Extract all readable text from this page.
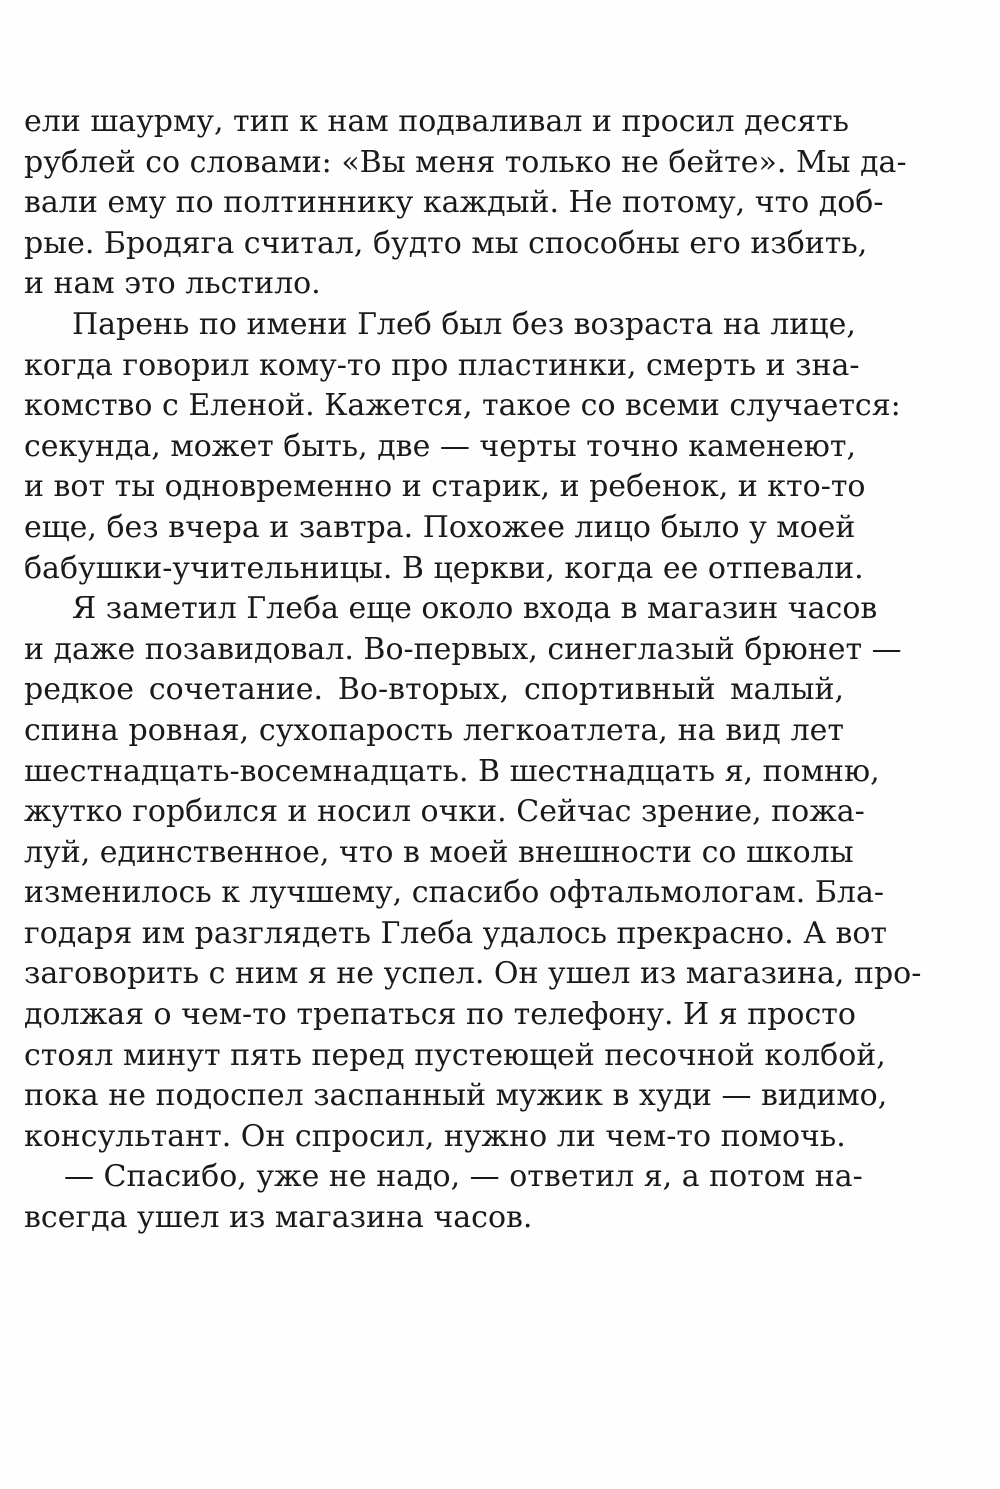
ели шаурму, тип к нам подваливал и просил десять
рублей со словами: «Вы меня только не бейте». Мы да-
вали ему по полтиннику каждый. Не потому, что доб-
рые. Бродяга считал, будто мы способны его избить,
и нам это льстило.
Парень по имени Глеб был без возраста на лице,
когда говорил кому-то про пластинки, смерть и зна-
комство с Еленой. Кажется, такое со всеми случается:
секунда, может быть, две — черты точно каменеют,
и вот ты одновременно и старик, и ребенок, и кто-то
еще, без вчера и завтра. Похожее лицо было у моей
бабушки-учительницы. В церкви, когда ее отпевали.
Я заметил Глеба еще около входа в магазин часов
и даже позавидовал. Во-первых, синеглазый брюнет —
редкое сочетание. Во-вторых, спортивный малый,
спина ровная, сухопарость легкоатлета, на вид лет
шестнадцать-восемнадцать. В шестнадцать я, помню,
жутко горбился и носил очки. Сейчас зрение, пожа-
луй, единственное, что в моей внешности со школы
изменилось к лучшему, спасибо офтальмологам. Бла-
годаря им разглядеть Глеба удалось прекрасно. А вот
заговорить с ним я не успел. Он ушел из магазина, про-
должая о чем-то трепаться по телефону. И я просто
стоял минут пять перед пустеющей песочной колбой,
пока не подоспел заспанный мужик в худи — видимо,
консультант. Он спросил, нужно ли чем-то помочь.
— Спасибо, уже не надо, — ответил я, а потом на-
всегда ушел из магазина часов.
